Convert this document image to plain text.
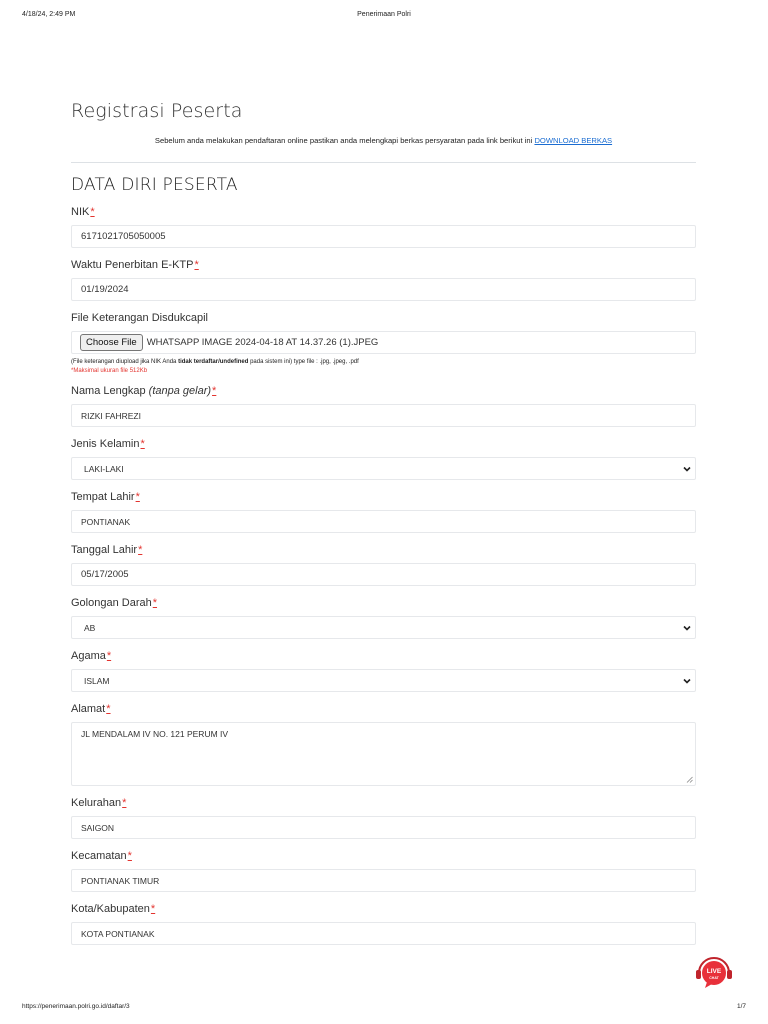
4/18/24, 2:49 PM	Penerimaan Polri
Registrasi Peserta

Sebelum anda melakukan pendaftaran online pastikan anda melengkapi berkas persyaratan pada link berikut ini DOWNLOAD BERKAS

DATA DIRI PESERTA
NIK*
6171021705050005
Waktu Penerbitan E-KTP*
01/19/2024
File Keterangan Disdukcapil
Choose File	WHATSAPP IMAGE 2024-04-18 AT 14.37.26 (1).JPEG
(File keterangan diupload jika NIK Anda tidak terdaftar/undefined pada sistem ini) type file : .jpg, .jpeg, .pdf
*Maksimal ukuran file 512Kb
Nama Lengkap (tanpa gelar)*
RIZKI FAHREZI
Jenis Kelamin*
LAKI-LAKI
Tempat Lahir*
PONTIANAK
Tanggal Lahir*
05/17/2005
Golongan Darah*
AB
Agama*
ISLAM
Alamat*
JL MENDALAM IV NO. 121 PERUM IV
Kelurahan*
SAIGON
Kecamatan*
PONTIANAK TIMUR
Kota/Kabupaten*
KOTA PONTIANAK
LIVE
CHAT
https://penerimaan.polri.go.id/daftar/3	1/7
